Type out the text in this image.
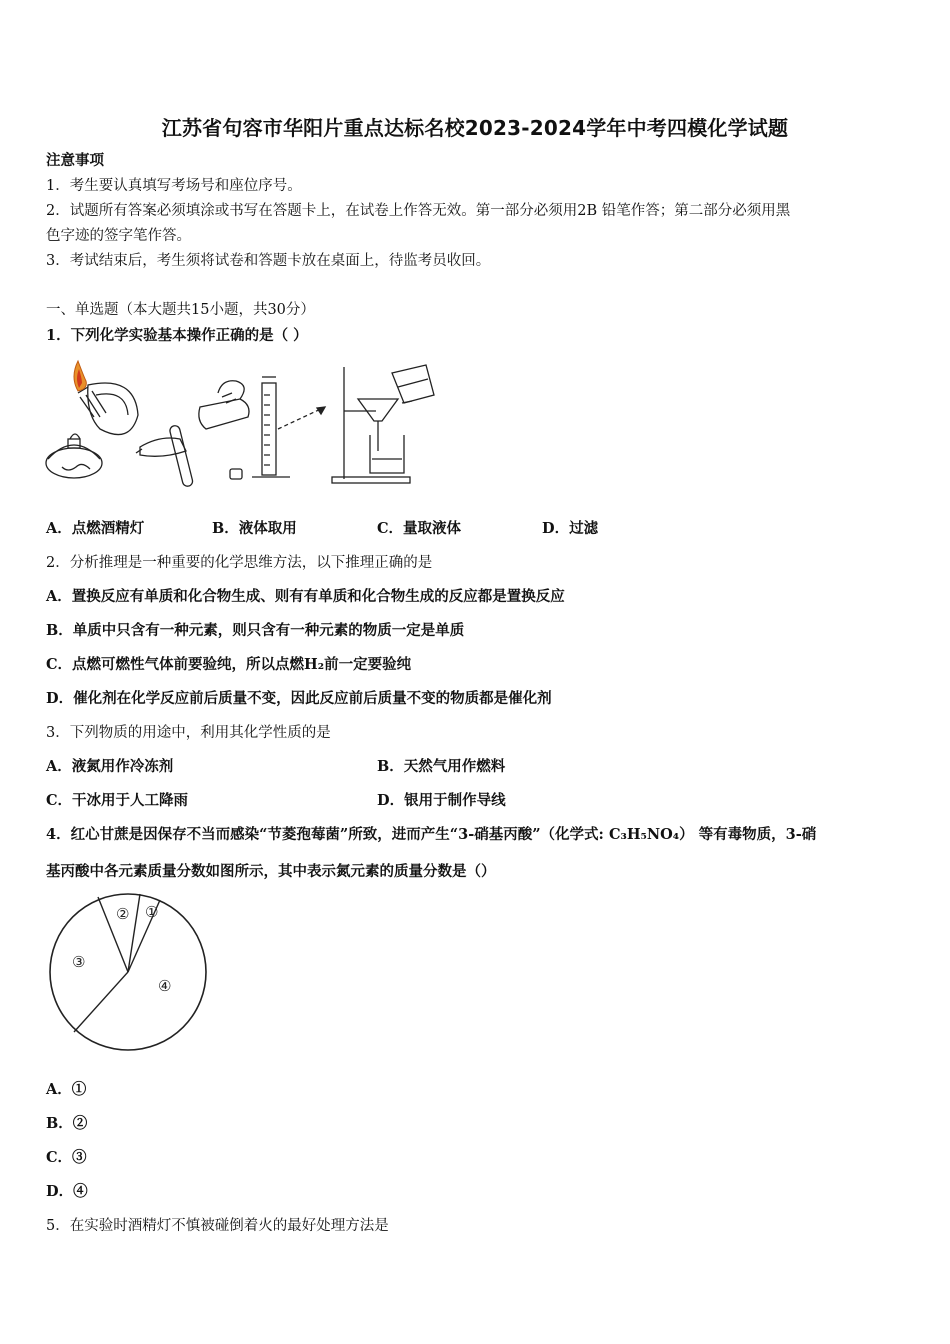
江苏省句容市华阳片重点达标名校2023-2024学年中考四模化学试题
注意事项
1．考生要认真填写考场号和座位序号。
2．试题所有答案必须填涂或书写在答题卡上，在试卷上作答无效。第一部分必须用2B 铅笔作答；第二部分必须用黑
色字迹的签字笔作答。
3．考试结束后，考生须将试卷和答题卡放在桌面上，待监考员收回。
一、单选题（本大题共15小题，共30分）
1．下列化学实验基本操作正确的是（ ）
A．点燃酒精灯	B．液体取用	C．量取液体	D．过滤
2．分析推理是一种重要的化学思维方法，以下推理正确的是
A．置换反应有单质和化合物生成、则有有单质和化合物生成的反应都是置换反应
B．单质中只含有一种元素，则只含有一种元素的物质一定是单质
C．点燃可燃性气体前要验纯，所以点燃H₂前一定要验纯
D．催化剂在化学反应前后质量不变，因此反应前后质量不变的物质都是催化剂
3．下列物质的用途中，利用其化学性质的是
A．液氮用作冷冻剂	B．天然气用作燃料
C．干冰用于人工降雨	D．银用于制作导线
4．红心甘蔗是因保存不当而感染“节菱孢莓菌”所致，进而产生“3-硝基丙酸”（化学式: C₃H₅NO₄） 等有毒物质，3-硝
基丙酸中各元素质量分数如图所示，其中表示氮元素的质量分数是（）
①
②
③
④
A．①
B．②
C．③
D．④
5．在实验时酒精灯不慎被碰倒着火的最好处理方法是
